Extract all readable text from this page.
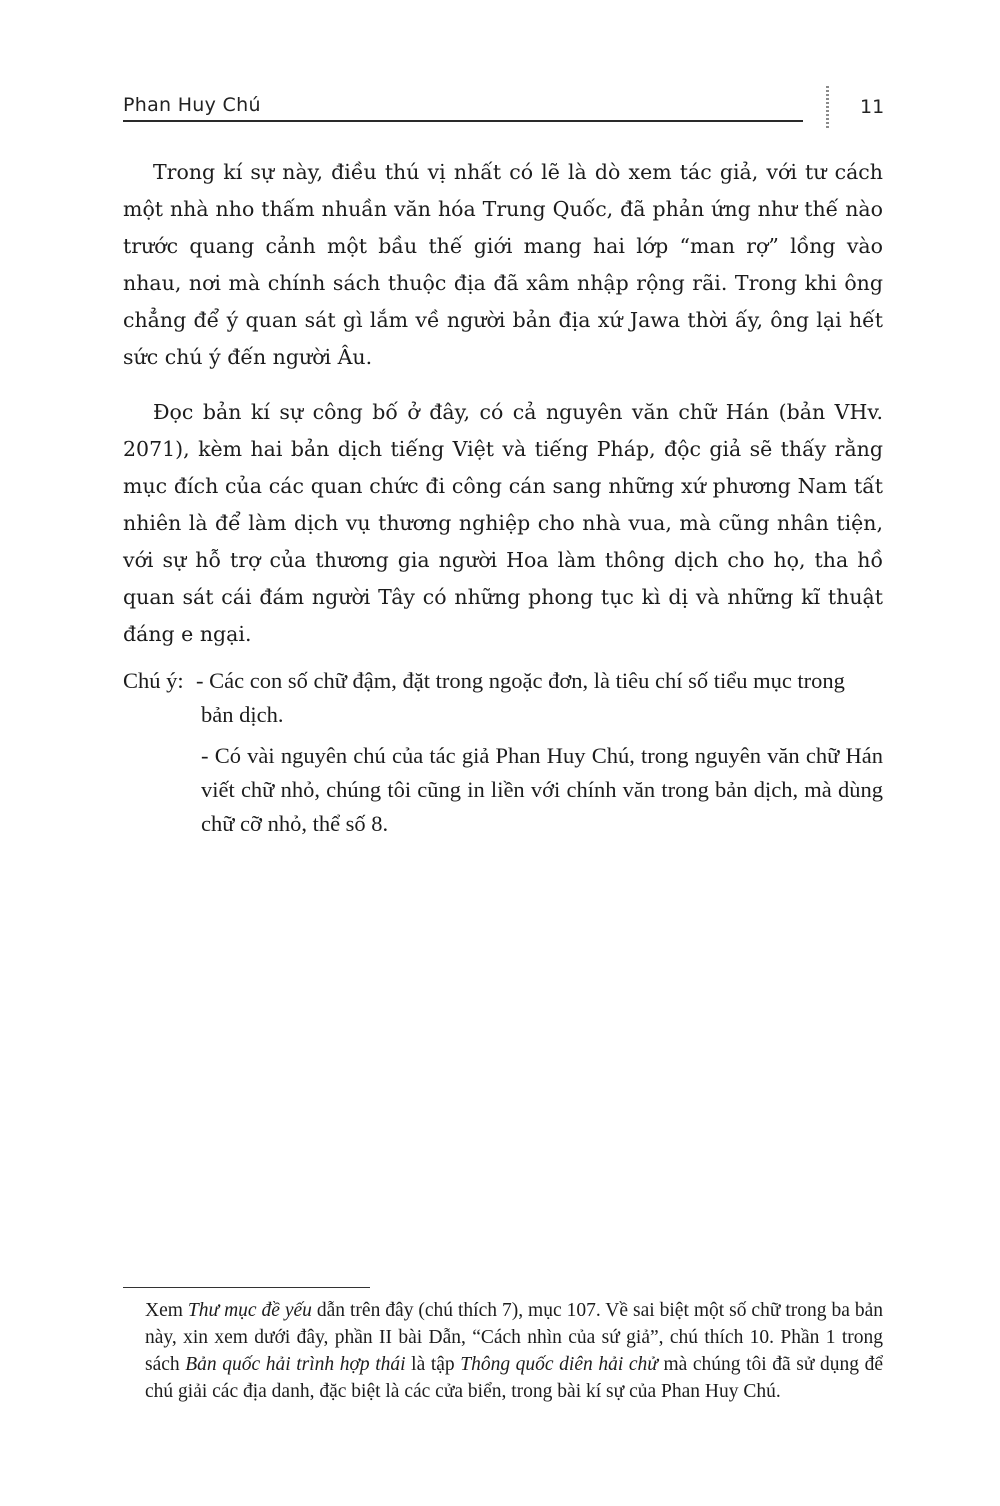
Phan Huy Chú	11

Trong kí sự này, điều thú vị nhất có lẽ là dò xem tác giả, với tư cách một nhà nho thấm nhuần văn hóa Trung Quốc, đã phản ứng như thế nào trước quang cảnh một bầu thế giới mang hai lớp “man rợ” lồng vào nhau, nơi mà chính sách thuộc địa đã xâm nhập rộng rãi. Trong khi ông chẳng để ý quan sát gì lắm về người bản địa xứ Jawa thời ấy, ông lại hết sức chú ý đến người Âu.

Đọc bản kí sự công bố ở đây, có cả nguyên văn chữ Hán (bản VHv. 2071), kèm hai bản dịch tiếng Việt và tiếng Pháp, độc giả sẽ thấy rằng mục đích của các quan chức đi công cán sang những xứ phương Nam tất nhiên là để làm dịch vụ thương nghiệp cho nhà vua, mà cũng nhân tiện, với sự hỗ trợ của thương gia người Hoa làm thông dịch cho họ, tha hồ quan sát cái đám người Tây có những phong tục kì dị và những kĩ thuật đáng e ngại.

Chú ý: - Các con số chữ đậm, đặt trong ngoặc đơn, là tiêu chí số tiểu mục trong
bản dịch.
- Có vài nguyên chú của tác giả Phan Huy Chú, trong nguyên văn chữ Hán viết chữ nhỏ, chúng tôi cũng in liền với chính văn trong bản dịch, mà dùng chữ cỡ nhỏ, thể số 8.

Xem Thư mục đề yếu dẫn trên đây (chú thích 7), mục 107. Về sai biệt một số chữ trong ba bản này, xin xem dưới đây, phần II bài Dẫn, “Cách nhìn của sứ giả”, chú thích 10. Phần 1 trong sách Bản quốc hải trình hợp thái là tập Thông quốc diên hải chử mà chúng tôi đã sử dụng để chú giải các địa danh, đặc biệt là các cửa biển, trong bài kí sự của Phan Huy Chú.
